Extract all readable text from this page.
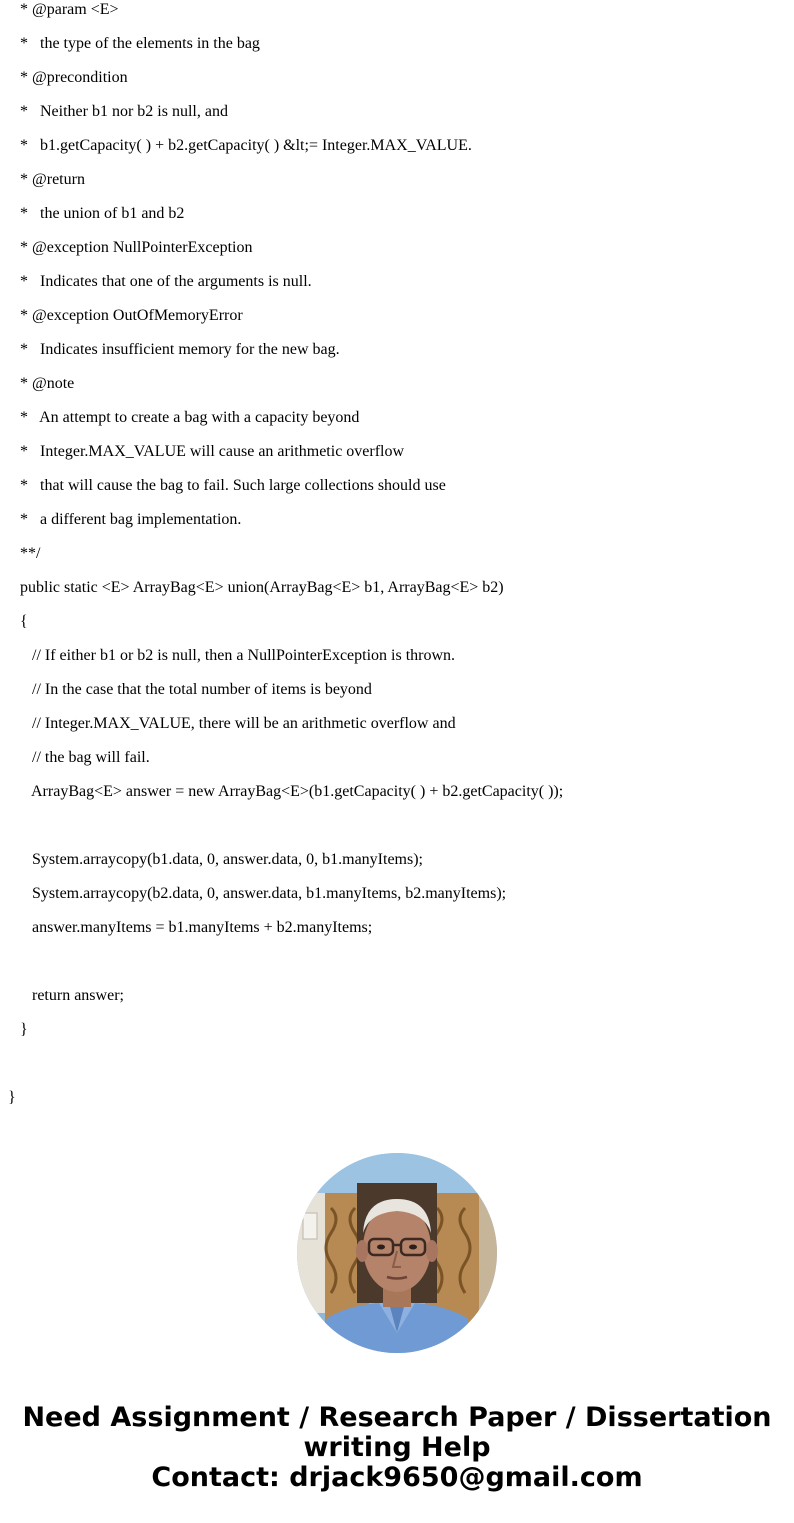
* @param <E>
*   the type of the elements in the bag
* @precondition
*   Neither b1 nor b2 is null, and
*   b1.getCapacity( ) + b2.getCapacity( ) &lt;= Integer.MAX_VALUE.
* @return
*   the union of b1 and b2
* @exception NullPointerException
*   Indicates that one of the arguments is null.
* @exception OutOfMemoryError
*   Indicates insufficient memory for the new bag.
* @note
*   An attempt to create a bag with a capacity beyond
*   Integer.MAX_VALUE will cause an arithmetic overflow
*   that will cause the bag to fail. Such large collections should use
*   a different bag implementation.
**/
public static <E> ArrayBag<E> union(ArrayBag<E> b1, ArrayBag<E> b2)
{
// If either b1 or b2 is null, then a NullPointerException is thrown.
// In the case that the total number of items is beyond
// Integer.MAX_VALUE, there will be an arithmetic overflow and
// the bag will fail.
ArrayBag<E> answer = new ArrayBag<E>(b1.getCapacity( ) + b2.getCapacity( ));
System.arraycopy(b1.data, 0, answer.data, 0, b1.manyItems);
System.arraycopy(b2.data, 0, answer.data, b1.manyItems, b2.manyItems);
answer.manyItems = b1.manyItems + b2.manyItems;
return answer;
}
}
Need Assignment / Research Paper / Dissertation
writing Help
Contact: drjack9650@gmail.com
